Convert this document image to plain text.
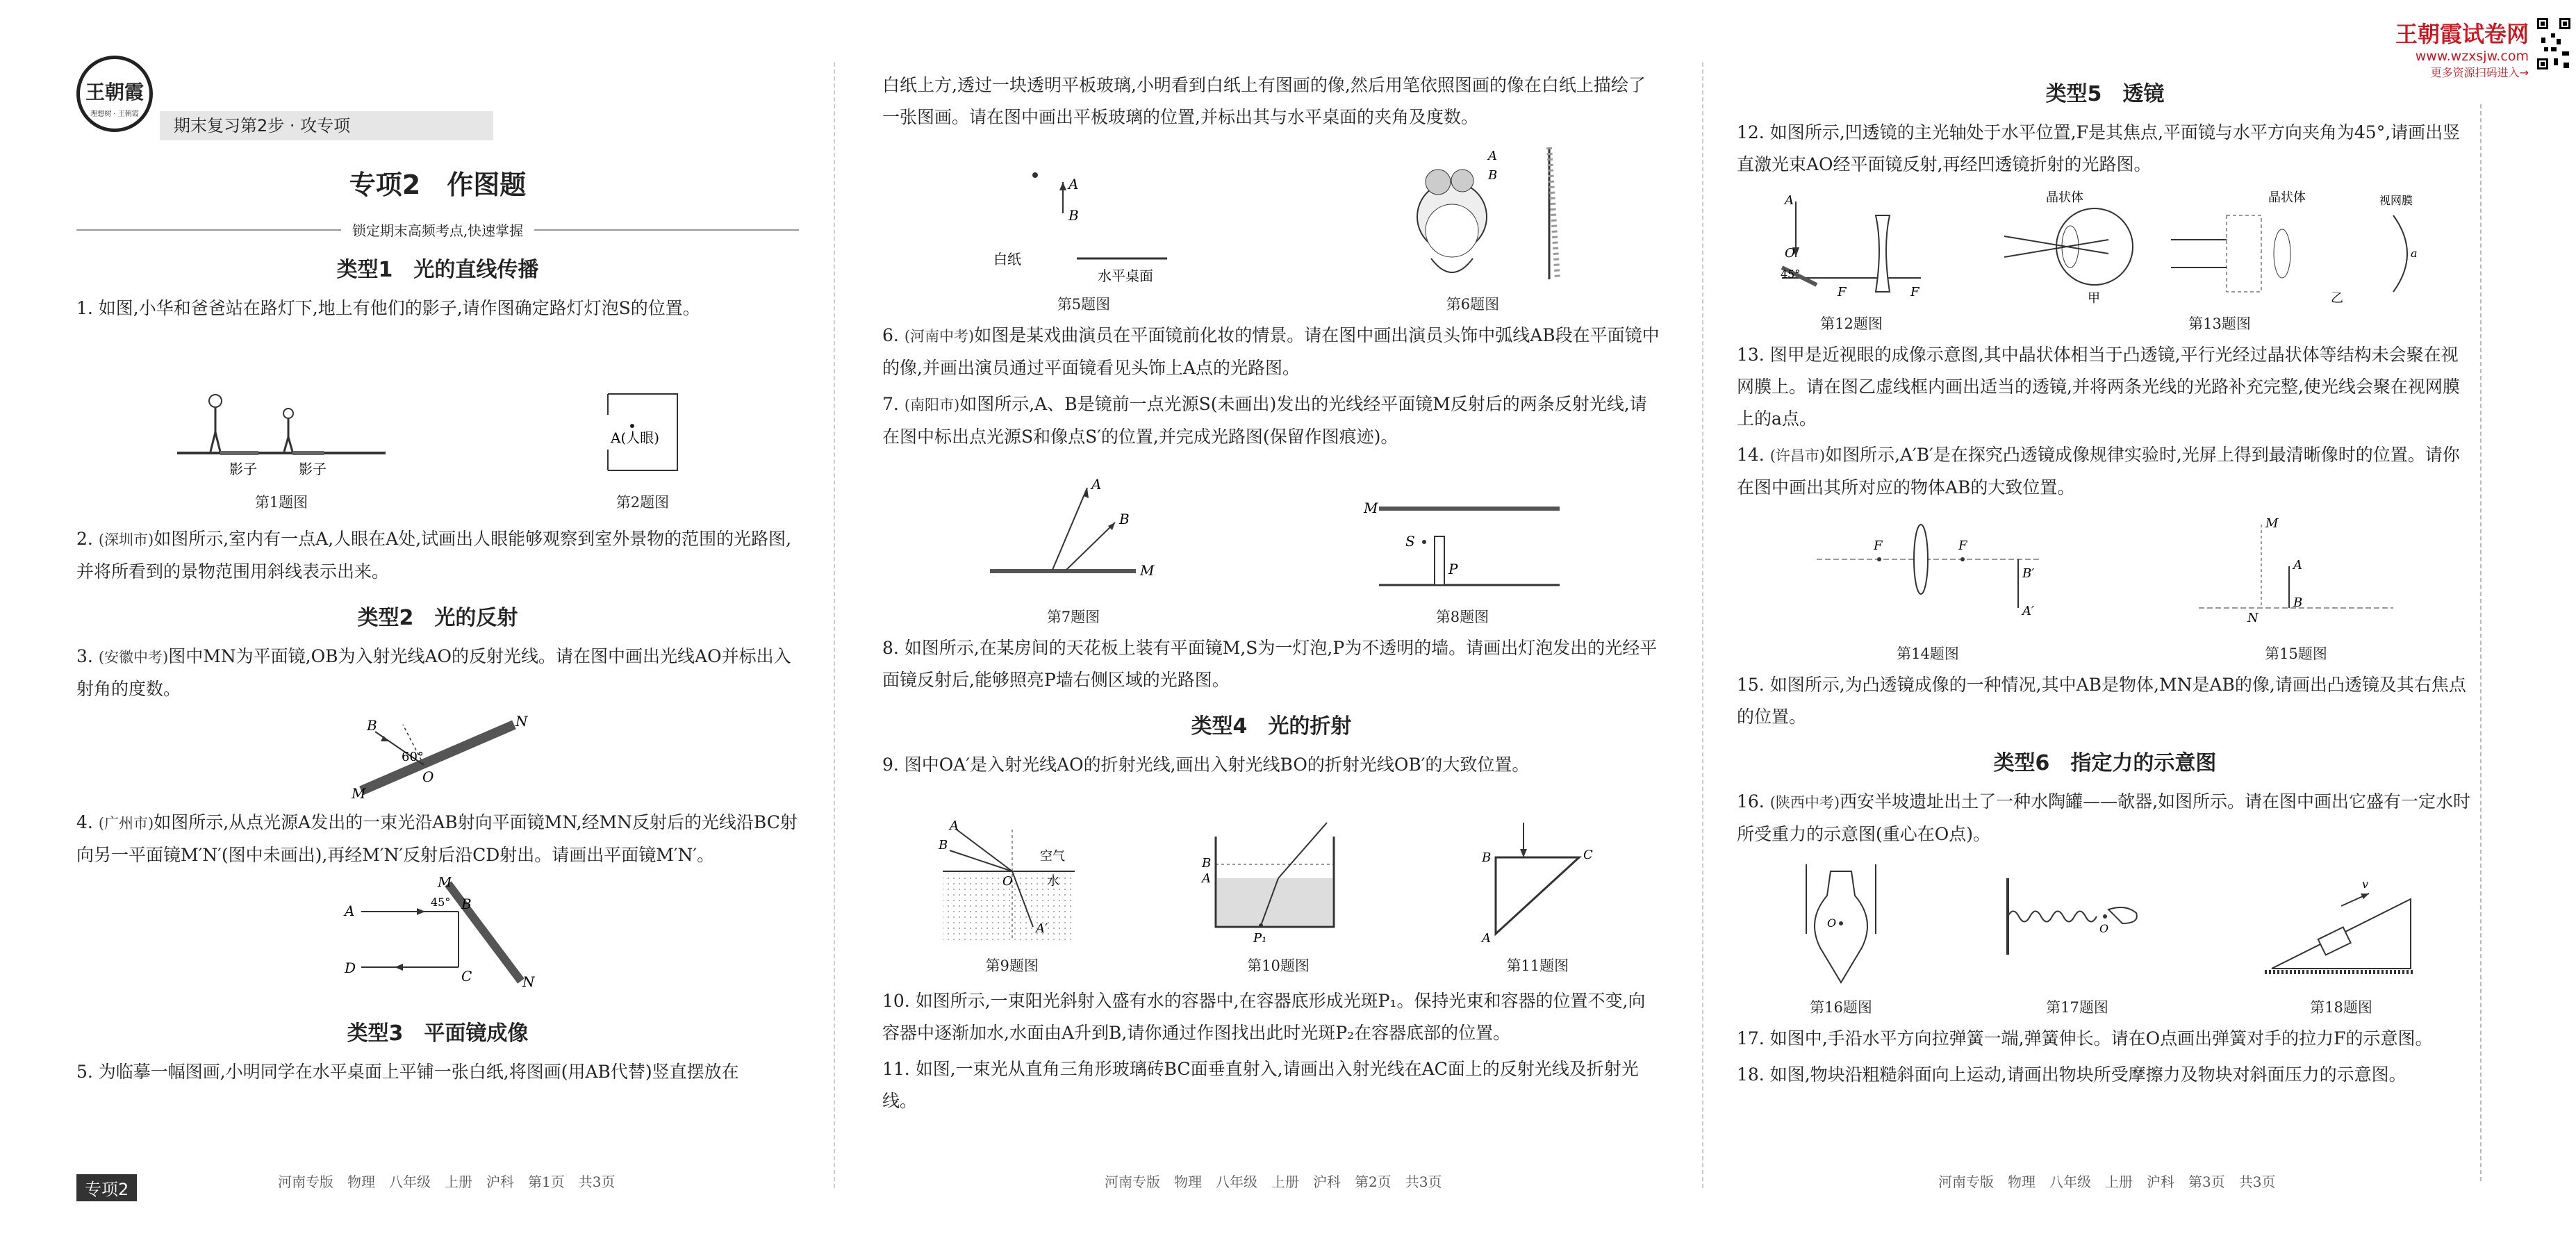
王朝霞试卷网
www.wzxsjw.com
更多资源扫码进入→
王朝霞
理想树 · 王朝霞
期末复习第2步 · 攻专项
专项2　作图题
锁定期末高频考点,快速掌握
类型1　光的直线传播

1. 如图,小华和爸爸站在路灯下,地上有他们的影子,请作图确定路灯灯泡S的位置。

影子	影子
第1题图
A(人眼)
第2题图

2. (深圳市)如图所示,室内有一点A,人眼在A处,试画出人眼能够观察到室外景物的范围的光路图,并将所看到的景物范围用斜线表示出来。

类型2　光的反射

3. (安徽中考)图中MN为平面镜,OB为入射光线AO的反射光线。请在图中画出光线AO并标出入射角的度数。

B
60°
O
M
N

4. (广州市)如图所示,从点光源A发出的一束光沿AB射向平面镜MN,经MN反射后的光线沿BC射向另一平面镜M′N′(图中未画出),再经M′N′反射后沿CD射出。请画出平面镜M′N′。

A
D
B
C
M
N
45°
类型3　平面镜成像

5. 为临摹一幅图画,小明同学在水平桌面上平铺一张白纸,将图画(用AB代替)竖直摆放在

白纸上方,透过一块透明平板玻璃,小明看到白纸上有图画的像,然后用笔依照图画的像在白纸上描绘了一张图画。请在图中画出平板玻璃的位置,并标出其与水平桌面的夹角及度数。

A
B
白纸
水平桌面
第5题图
A
B
第6题图

6. (河南中考)如图是某戏曲演员在平面镜前化妆的情景。请在图中画出演员头饰中弧线AB段在平面镜中的像,并画出演员通过平面镜看见头饰上A点的光路图。

7. (南阳市)如图所示,A、B是镜前一点光源S(未画出)发出的光线经平面镜M反射后的两条反射光线,请在图中标出点光源S和像点S′的位置,并完成光路图(保留作图痕迹)。

A
B
M
第7题图
M
S
P
第8题图

8. 如图所示,在某房间的天花板上装有平面镜M,S为一灯泡,P为不透明的墙。请画出灯泡发出的光经平面镜反射后,能够照亮P墙右侧区域的光路图。

类型4　光的折射

9. 图中OA′是入射光线AO的折射光线,画出入射光线BO的折射光线OB′的大致位置。

A
B
O
A′
空气
水
第9题图
B
A
P₁
第10题图
B	C
A
第11题图

10. 如图所示,一束阳光斜射入盛有水的容器中,在容器底形成光斑P₁。保持光束和容器的位置不变,向容器中逐渐加水,水面由A升到B,请你通过作图找出此时光斑P₂在容器底部的位置。

11. 如图,一束光从直角三角形玻璃砖BC面垂直射入,请画出入射光线在AC面上的反射光线及折射光线。

类型5　透镜

12. 如图所示,凹透镜的主光轴处于水平位置,F是其焦点,平面镜与水平方向夹角为45°,请画出竖直激光束AO经平面镜反射,再经凹透镜折射的光路图。

A
O
45°
F	F
第12题图
晶状体
甲
a
晶状体	视网膜
乙
第13题图

13. 图甲是近视眼的成像示意图,其中晶状体相当于凸透镜,平行光经过晶状体等结构未会聚在视网膜上。请在图乙虚线框内画出适当的透镜,并将两条光线的光路补充完整,使光线会聚在视网膜上的a点。

14. (许昌市)如图所示,A′B′是在探究凸透镜成像规律实验时,光屏上得到最清晰像时的位置。请你在图中画出其所对应的物体AB的大致位置。

F	F
B′
A′
第14题图
M
N
A
B
第15题图

15. 如图所示,为凸透镜成像的一种情况,其中AB是物体,MN是AB的像,请画出凸透镜及其右焦点的位置。

类型6　指定力的示意图

16. (陕西中考)西安半坡遗址出土了一种水陶罐——欹器,如图所示。请在图中画出它盛有一定水时所受重力的示意图(重心在O点)。

O
第16题图
O
第17题图
v
第18题图

17. 如图中,手沿水平方向拉弹簧一端,弹簧伸长。请在O点画出弹簧对手的拉力F的示意图。

18. 如图,物块沿粗糙斜面向上运动,请画出物块所受摩擦力及物块对斜面压力的示意图。

专项2	河南专版　物理　八年级　上册　沪科　第1页　共3页	河南专版　物理　八年级　上册　沪科　第2页　共3页	河南专版　物理　八年级　上册　沪科　第3页　共3页
